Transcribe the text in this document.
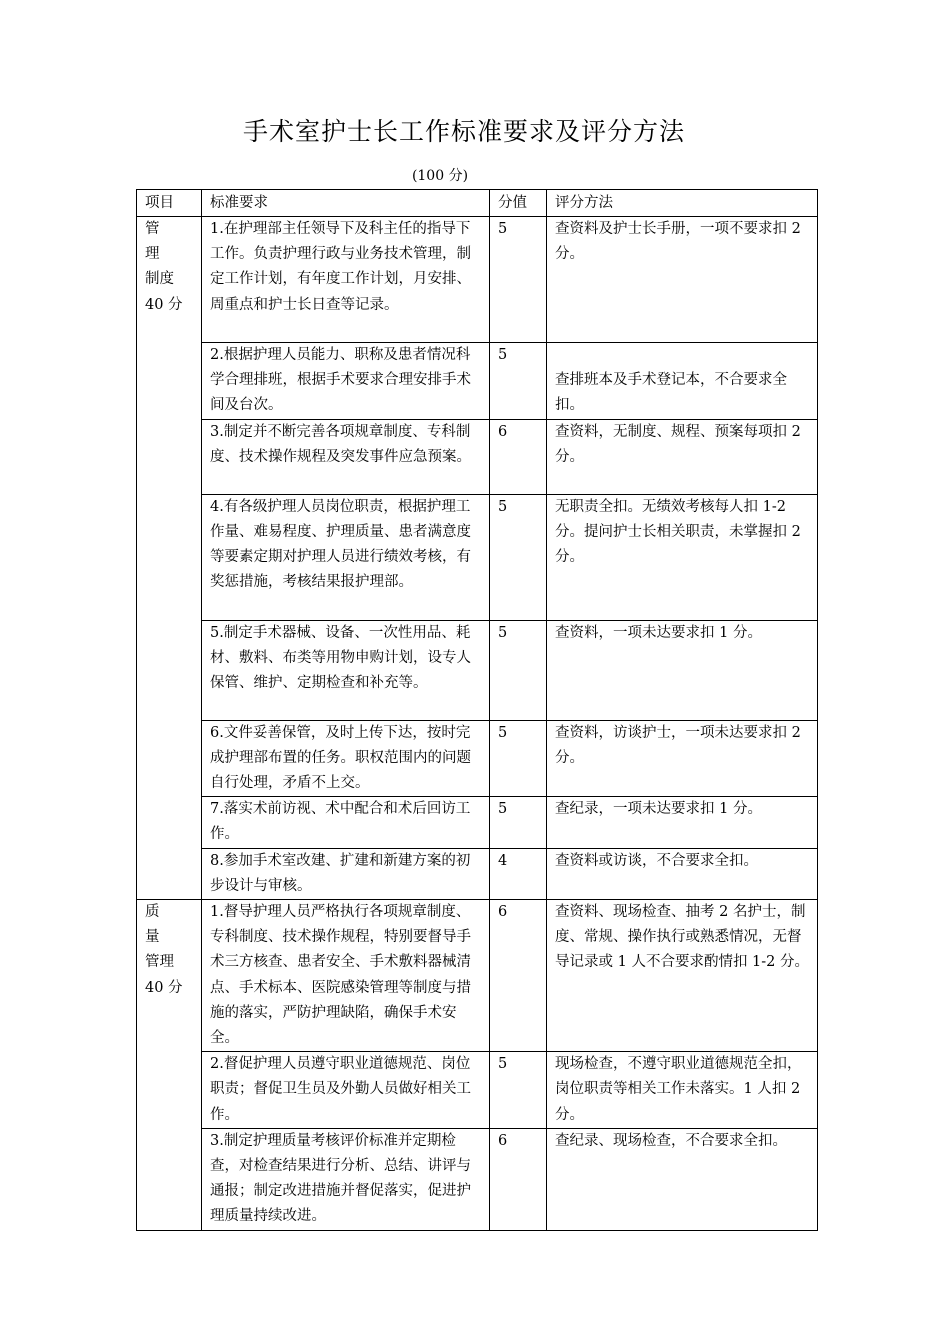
手术室护士长工作标准要求及评分方法
(100 分)
项目	标准要求	分值	评分方法

管 理
制度
40 分	1.在护理部主任领导下及科主任的指导下工作。负责护理行政与业务技术管理，制定工作计划，有年度工作计划，月安排、周重点和护士长日查等记录。	5	查资料及护士长手册，一项不要求扣 2 分。
	2.根据护理人员能力、职称及患者情况科学合理排班，根据手术要求合理安排手术间及台次。	5	查排班本及手术登记本，不合要求全扣。
	3.制定并不断完善各项规章制度、专科制度、技术操作规程及突发事件应急预案。	6	查资料，无制度、规程、预案每项扣 2 分。
	4.有各级护理人员岗位职责，根据护理工作量、难易程度、护理质量、患者满意度等要素定期对护理人员进行绩效考核，有奖惩措施，考核结果报护理部。	5	无职责全扣。无绩效考核每人扣 1-2 分。提问护士长相关职责，未掌握扣 2 分。
	5.制定手术器械、设备、一次性用品、耗材、敷料、布类等用物申购计划，设专人保管、维护、定期检查和补充等。	5	查资料，一项未达要求扣 1 分。
	6.文件妥善保管，及时上传下达，按时完成护理部布置的任务。职权范围内的问题自行处理，矛盾不上交。	5	查资料，访谈护士，一项未达要求扣 2 分。
	7.落实术前访视、术中配合和术后回访工作。	5	查纪录，一项未达要求扣 1 分。
	8.参加手术室改建、扩建和新建方案的初步设计与审核。	4	查资料或访谈，不合要求全扣。

质 量
管理
40 分	1.督导护理人员严格执行各项规章制度、专科制度、技术操作规程，特别要督导手术三方核查、患者安全、手术敷料器械清点、手术标本、医院感染管理等制度与措施的落实，严防护理缺陷，确保手术安全。	6	查资料、现场检查、抽考 2 名护士，制度、常规、操作执行或熟悉情况，无督导记录或 1 人不合要求酌情扣 1-2 分。
	2.督促护理人员遵守职业道德规范、岗位职责；督促卫生员及外勤人员做好相关工作。	5	现场检查，不遵守职业道德规范全扣，岗位职责等相关工作未落实。1 人扣 2 分。
	3.制定护理质量考核评价标准并定期检查，对检查结果进行分析、总结、讲评与通报；制定改进措施并督促落实，促进护理质量持续改进。	6	查纪录、现场检查，不合要求全扣。
